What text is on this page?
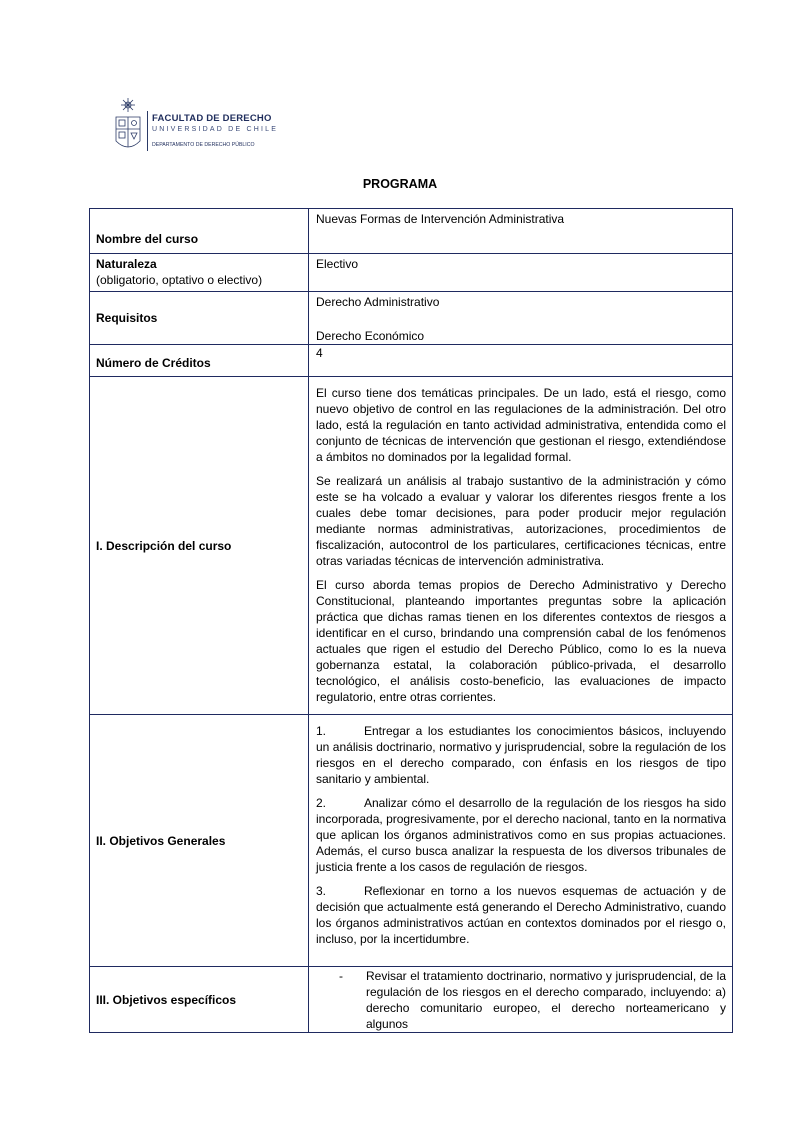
FACULTAD DE DERECHO
UNIVERSIDAD DE CHILE
DEPARTAMENTO DE DERECHO PÚBLICO
PROGRAMA
Nombre del curso	Nuevas Formas de Intervención Administrativa

Naturaleza
(obligatorio, optativo o electivo)	Electivo
Requisitos	Derecho Administrativo
Derecho Económico

Número de Créditos	4
I. Descripción del curso	El curso tiene dos temáticas principales. De un lado, está el riesgo, como nuevo objetivo de control en las regulaciones de la administración. Del otro lado, está la regulación en tanto actividad administrativa, entendida como el conjunto de técnicas de intervención que gestionan el riesgo, extendiéndose a ámbitos no dominados por la legalidad formal.

Se realizará un análisis al trabajo sustantivo de la administración y cómo este se ha volcado a evaluar y valorar los diferentes riesgos frente a los cuales debe tomar decisiones, para poder producir mejor regulación mediante normas administrativas, autorizaciones, procedimientos de fiscalización, autocontrol de los particulares, certificaciones técnicas, entre otras variadas técnicas de intervención administrativa.

El curso aborda temas propios de Derecho Administrativo y Derecho Constitucional, planteando importantes preguntas sobre la aplicación práctica que dichas ramas tienen en los diferentes contextos de riesgos a identificar en el curso, brindando una comprensión cabal de los fenómenos actuales que rigen el estudio del Derecho Público, como lo es la nueva gobernanza estatal, la colaboración público-privada, el desarrollo tecnológico, el análisis costo-beneficio, las evaluaciones de impacto regulatorio, entre otras corrientes.

II. Objetivos Generales	1. Entregar a los estudiantes los conocimientos básicos, incluyendo un análisis doctrinario, normativo y jurisprudencial, sobre la regulación de los riesgos en el derecho comparado, con énfasis en los riesgos de tipo sanitario y ambiental.
2. Analizar cómo el desarrollo de la regulación de los riesgos ha sido incorporada, progresivamente, por el derecho nacional, tanto en la normativa que aplican los órganos administrativos como en sus propias actuaciones. Además, el curso busca analizar la respuesta de los diversos tribunales de justicia frente a los casos de regulación de riesgos.
3. Reflexionar en torno a los nuevos esquemas de actuación y de decisión que actualmente está generando el Derecho Administrativo, cuando los órganos administrativos actúan en contextos dominados por el riesgo o, incluso, por la incertidumbre.

III. Objetivos específicos	- Revisar el tratamiento doctrinario, normativo y jurisprudencial, de la regulación de los riesgos en el derecho comparado, incluyendo: a) derecho comunitario europeo, el derecho norteamericano y algunos
